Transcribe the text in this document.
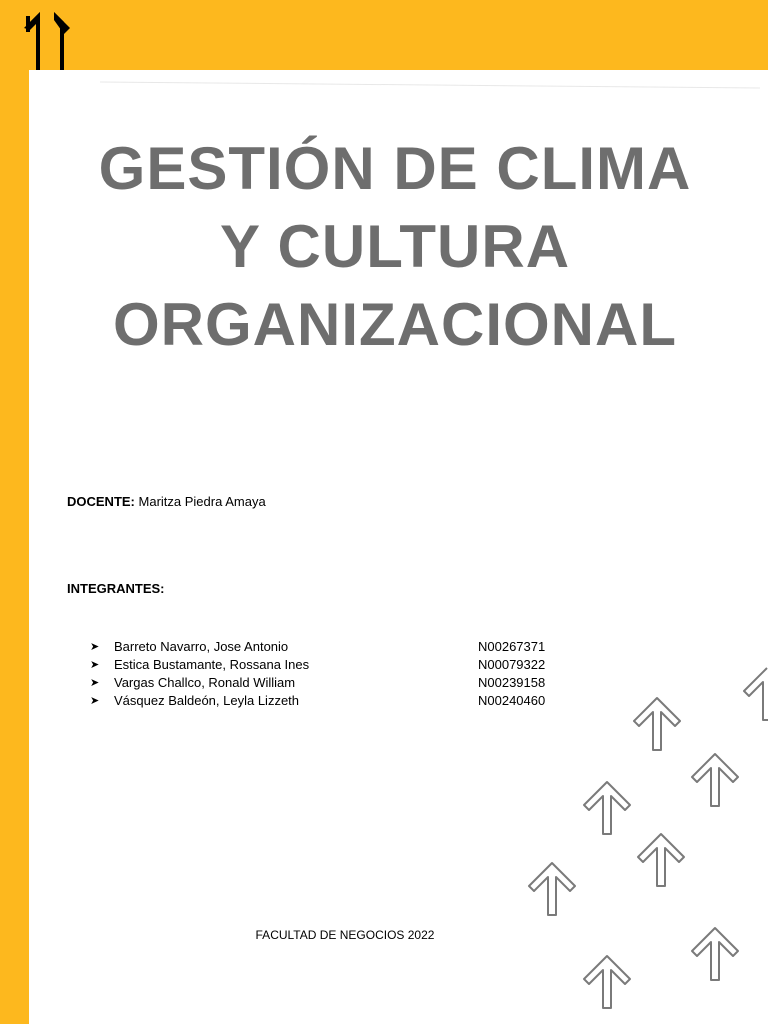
GESTIÓN DE CLIMA
Y CULTURA
ORGANIZACIONAL
DOCENTE: Maritza Piedra Amaya
INTEGRANTES:
➤	Barreto Navarro, Jose Antonio	N00267371
➤	Estica Bustamante, Rossana Ines	N00079322
➤	Vargas Challco, Ronald William	N00239158
➤	Vásquez Baldeón, Leyla Lizzeth	N00240460
FACULTAD DE NEGOCIOS 2022
